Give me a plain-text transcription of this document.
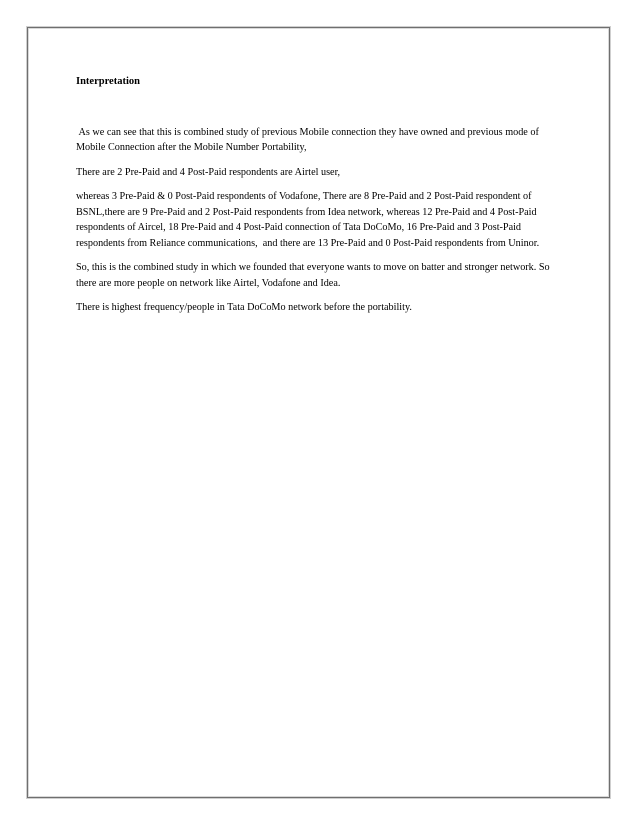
Interpretation

As we can see that this is combined study of previous Mobile connection they have owned and previous mode of Mobile Connection after the Mobile Number Portability,

There are 2 Pre-Paid and 4 Post-Paid respondents are Airtel user,

whereas 3 Pre-Paid & 0 Post-Paid respondents of Vodafone, There are 8 Pre-Paid and 2 Post-Paid respondent of BSNL,there are 9 Pre-Paid and 2 Post-Paid respondents from Idea network, whereas 12 Pre-Paid and 4 Post-Paid respondents of Aircel, 18 Pre-Paid and 4 Post-Paid connection of Tata DoCoMo, 16 Pre-Paid and 3 Post-Paid respondents from Reliance communications,  and there are 13 Pre-Paid and 0 Post-Paid respondents from Uninor.

So, this is the combined study in which we founded that everyone wants to move on batter and stronger network. So there are more people on network like Airtel, Vodafone and Idea.

There is highest frequency/people in Tata DoCoMo network before the portability.
